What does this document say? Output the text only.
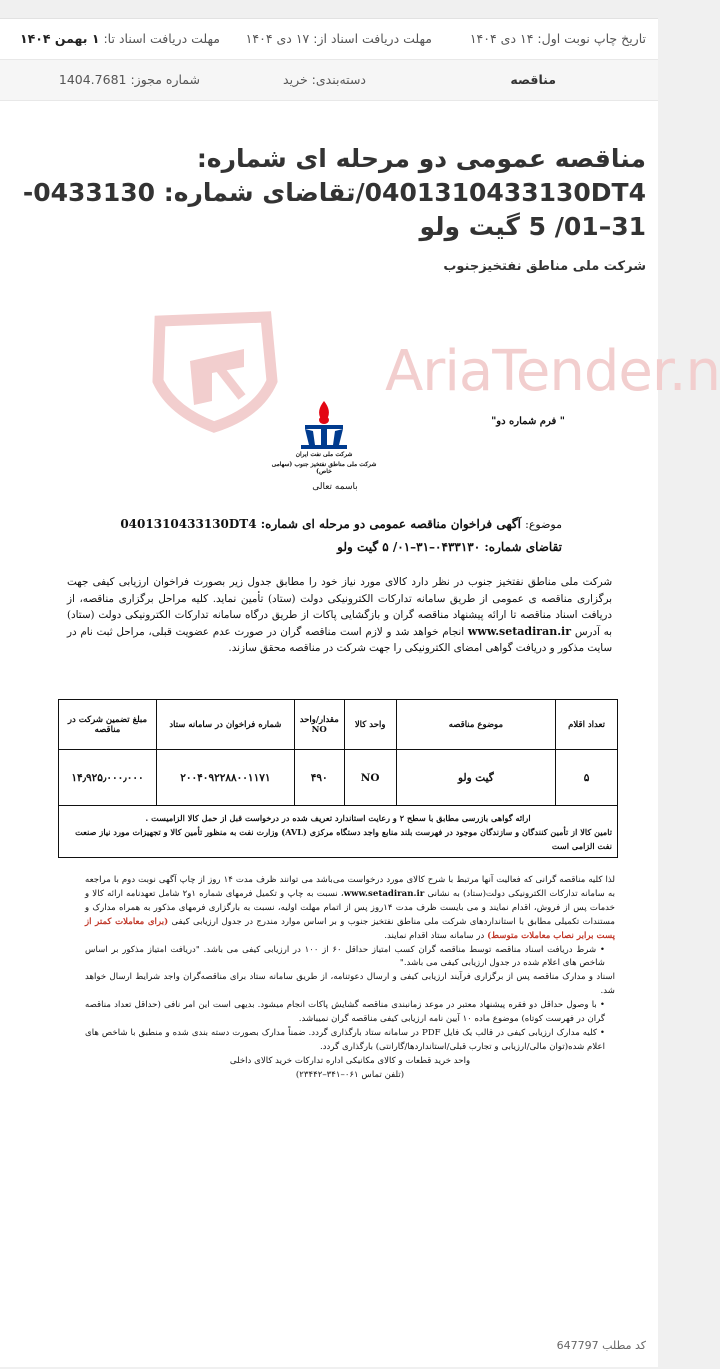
تاریخ چاپ نوبت اول: ۱۴ دی ۱۴۰۴
مهلت دریافت اسناد از: ۱۷ دی ۱۴۰۴
مهلت دریافت اسناد تا: ۱ بهمن ۱۴۰۴
مناقصه
دسته‌بندی: خرید
شماره مجوز: 1404.7681
مناقصه عمومی دو مرحله ای شماره: 0401310433130DT4/تقاضای شماره: 0433130-31–01/ 5 گیت ولو
شرکت ملی مناطق نفتخیزجنوب
AriaTender.n
" فرم شماره دو"
شرکت ملی نفت ایران
شرکت ملی مناطق نفتخیز جنوب (سهامی خاص)
باسمه تعالی
موضوع: آگهی فراخوان مناقصه عمومی دو مرحله ای شماره: 0401310433130DT4
تقاضای شماره: ۰۴۳۳۱۳۰–۳۱–۰۱/ ۵ گیت ولو

شرکت ملی مناطق نفتخیز جنوب در نظر دارد کالای مورد نیاز خود را مطابق جدول زیر بصورت فراخوان ارزیابی کیفی جهت برگزاری مناقصه ی عمومی از طریق سامانه تدارکات الکترونیکی دولت (ستاد) تأمین نماید. کلیه مراحل برگزاری مناقصه، از دریافت اسناد مناقصه تا ارائه پیشنهاد مناقصه گران و بازگشایی پاکات از طریق درگاه سامانه تدارکات الکترونیکی دولت (ستاد) به آدرس www.setadiran.ir انجام خواهد شد و لازم است مناقصه گران در صورت عدم عضویت قبلی، مراحل ثبت نام در سایت مذکور و دریافت گواهی امضای الکترونیکی را جهت شرکت در مناقصه محقق سازند.

تعداد اقلام	موضوع مناقصه	واحد کالا	مقدار/واحد NO	شماره فراخوان در سامانه ستاد	مبلغ تضمین شرکت در مناقصه
۵	گیت ولو	NO	۴۹۰	۲۰۰۴۰۹۲۲۸۸۰۰۱۱۷۱	۱۴٫۹۲۵٫۰۰۰٫۰۰۰

ارائه گواهی بازرسی مطابق با سطح ۲ و رعایت استاندارد تعریف شده در درخواست قبل از حمل کالا الزامیست .
تامین کالا از تأمین کنندگان و سازندگان موجود در فهرست بلند منابع واجد دستگاه مرکزی (AVL) وزارت نفت به منظور تأمین کالا و تجهیزات مورد نیاز صنعت نفت الزامی است					

لذا کلیه مناقصه گرانی که فعالیت آنها مرتبط با شرح کالای مورد درخواست می‌باشد می توانند ظرف مدت ۱۴ روز از چاپ آگهی نوبت دوم با مراجعه به سامانه تدارکات الکترونیکی دولت(ستاد) به نشانی www.setadiran.ir، نسبت به چاپ و تکمیل فرمهای شماره ۱و۲ شامل تعهدنامه ارائه کالا و خدمات پس از فروش، اقدام نمایند و می بایست ظرف مدت ۱۴روز پس از اتمام مهلت اولیه، نسبت به بارگزاری فرمهای مذکور به همراه مدارک و مستندات تکمیلی مطابق با استانداردهای شرکت ملی مناطق نفتخیز جنوب و بر اساس موارد مندرج در جدول ارزیابی کیفی (برای معاملات کمتر از پست برابر نصاب معاملات متوسط) در سامانه ستاد اقدام نمایند.

• شرط دریافت اسناد مناقصه توسط مناقصه گران کسب امتیاز حداقل ۶۰ از ۱۰۰ در ارزیابی کیفی می باشد. "دریافت امتیاز مذکور بر اساس شاخص های اعلام شده در جدول ارزیابی کیفی می باشد."

اسناد و مدارک مناقصه پس از برگزاری فرآیند ارزیابی کیفی و ارسال دعوتنامه، از طریق سامانه ستاد برای مناقصه‌گران واجد شرایط ارسال خواهد شد.

• با وصول حداقل دو فقره پیشنهاد معتبر در موعد زمانبندی مناقصه گشایش پاکات انجام میشود. بدیهی است این امر نافی (حداقل تعداد مناقصه گران در فهرست کوتاه) موضوع ماده ۱۰ آیین نامه ارزیابی کیفی مناقصه گران نمیباشد.

• کلیه مدارک ارزیابی کیفی در قالب یک فایل PDF در سامانه ستاد بارگذاری گردد. ضمناً مدارک بصورت دسته بندی شده و منطبق با شاخص های اعلام شده(توان مالی/ارزیابی و تجارب قبلی/استانداردها/گارانتی) بارگذاری گردد.

واحد خرید قطعات و کالای مکانیکی اداره تدارکات خرید کالای داخلی

(تلفن تماس ۰۶۱–۳۴۱–۲۳۴۴۲)

کد مطلب 647797
